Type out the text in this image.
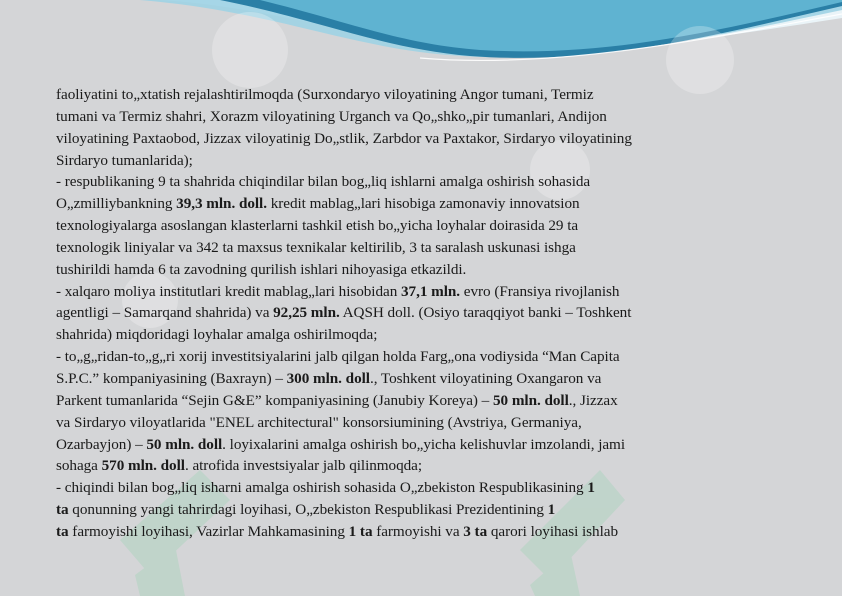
faoliyatini to„xtatish rejalashtirilmoqda (Surxondaryo viloyatining Angor tumani, Termiz
tumani va Termiz shahri, Xorazm viloyatining Urganch va Qo„shko„pir tumanlari, Andijon
viloyatining Paxtaobod, Jizzax viloyatinig Do„stlik, Zarbdor va Paxtakor, Sirdaryo viloyatining
Sirdaryo tumanlarida);
- respublikaning 9 ta shahrida chiqindilar bilan bog„liq ishlarni amalga oshirish sohasida
O„zmilliybankning 39,3 mln. doll. kredit mablag„lari hisobiga zamonaviy innovatsion
texnologiyalarga asoslangan klasterlarni tashkil etish bo„yicha loyhalar doirasida 29 ta
texnologik liniyalar va 342 ta maxsus texnikalar keltirilib, 3 ta saralash uskunasi ishga
tushirildi hamda 6 ta zavodning qurilish ishlari nihoyasiga etkazildi.
- xalqaro moliya institutlari kredit mablag„lari hisobidan 37,1 mln. evro (Fransiya rivojlanish
agentligi – Samarqand shahrida) va 92,25 mln. AQSH doll. (Osiyo taraqqiyot banki – Toshkent
shahrida) miqdoridagi loyhalar amalga oshirilmoqda;
- to„g„ridan-to„g„ri xorij investitsiyalarini jalb qilgan holda Farg„ona vodiysida “Man Capita
S.P.C.” kompaniyasining (Baxrayn) – 300 mln. doll., Toshkent viloyatining Oxangaron va
Parkent tumanlarida “Sejin G&E” kompaniyasining (Janubiy Koreya) – 50 mln. doll., Jizzax
va Sirdaryo viloyatlarida "ENEL architectural" konsorsiumining (Avstriya, Germaniya,
Ozarbayjon) – 50 mln. doll. loyixalarini amalga oshirish bo„yicha kelishuvlar imzolandi, jami
sohaga 570 mln. doll. atrofida investsiyalar jalb qilinmoqda;
- chiqindi bilan bog„liq isharni amalga oshirish sohasida O„zbekiston Respublikasining 1
ta qonunning yangi tahrirdagi loyihasi, O„zbekiston Respublikasi Prezidentining 1
ta farmoyishi loyihasi, Vazirlar Mahkamasining 1 ta farmoyishi va 3 ta qarori loyihasi ishlab
